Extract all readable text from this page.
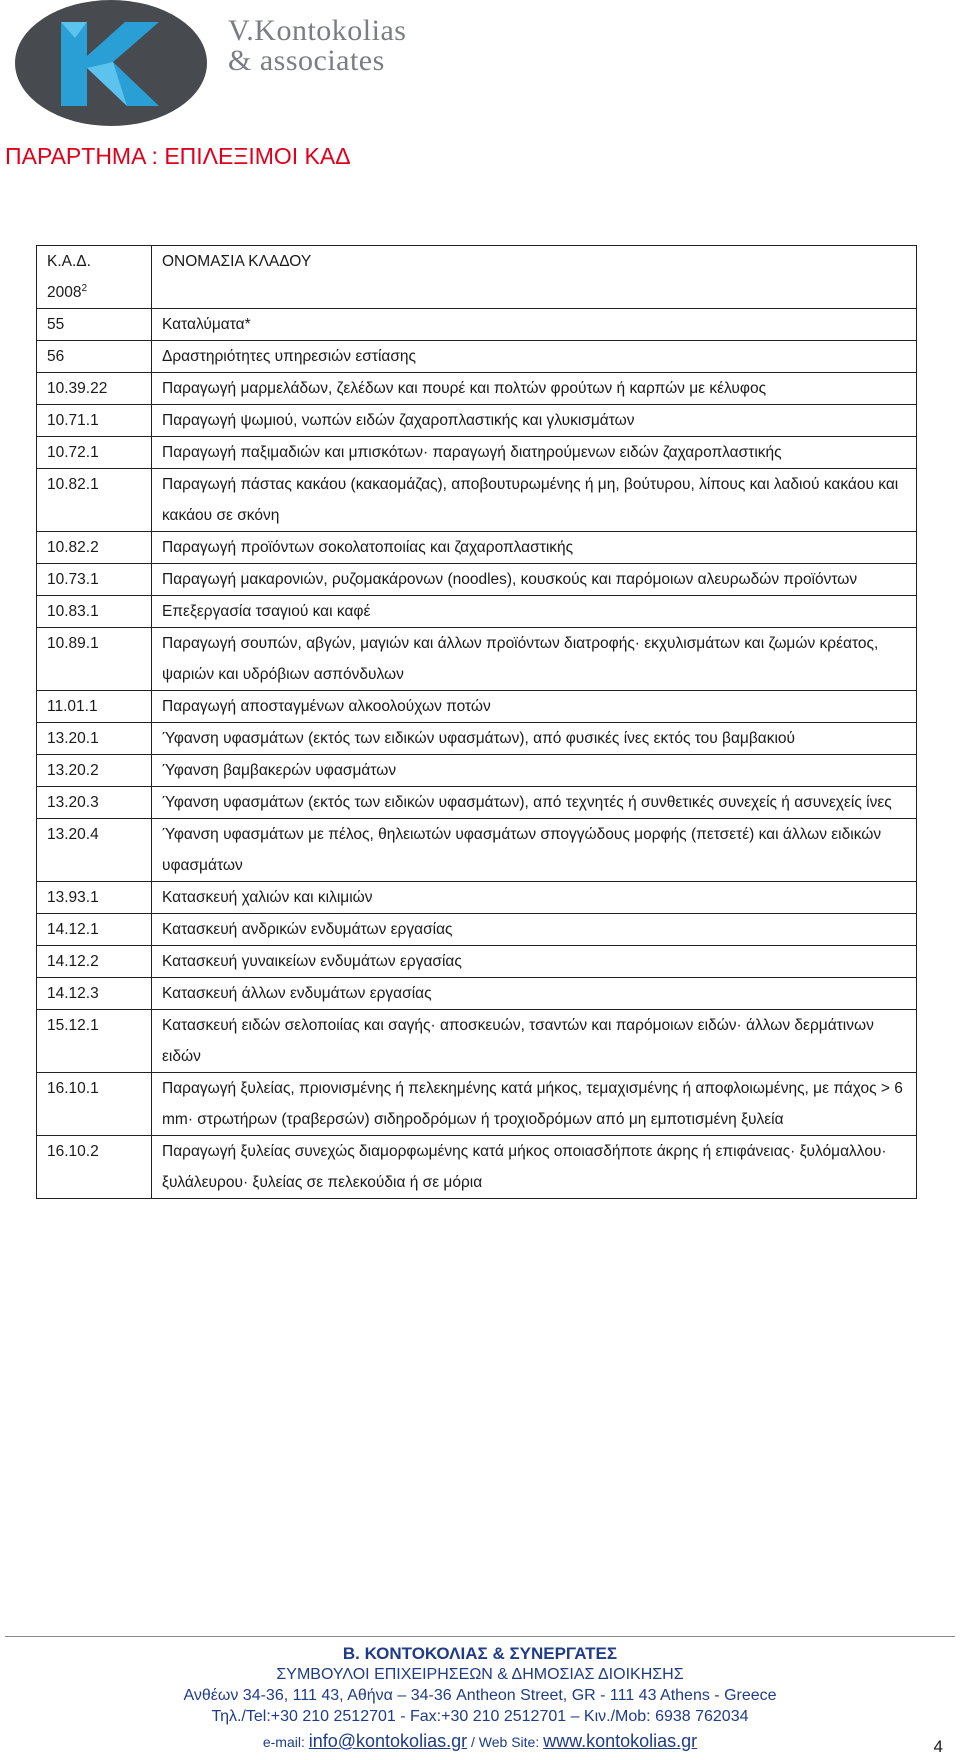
V.Kontokolias
& associates
ΠΑΡΑΡΤΗΜΑ : ΕΠΙΛΕΞΙΜΟΙ ΚΑΔ
Κ.Α.Δ.
2008$^2$	ΟΝΟΜΑΣΙΑ ΚΛΑΔΟΥ
55	Καταλύματα*
56	Δραστηριότητες υπηρεσιών εστίασης
10.39.22	Παραγωγή μαρμελάδων, ζελέδων και πουρέ και πολτών φρούτων ή καρπών με κέλυφος
10.71.1	Παραγωγή ψωμιού, νωπών ειδών ζαχαροπλαστικής και γλυκισμάτων
10.72.1	Παραγωγή παξιμαδιών και μπισκότων· παραγωγή διατηρούμενων ειδών ζαχαροπλαστικής
10.82.1	Παραγωγή πάστας κακάου (κακαομάζας), αποβουτυρωμένης ή μη, βούτυρου, λίπους και λαδιού κακάου και κακάου σε σκόνη
10.82.2	Παραγωγή προϊόντων σοκολατοποιίας και ζαχαροπλαστικής
10.73.1	Παραγωγή μακαρονιών, ρυζομακάρονων (noodles), κουσκούς και παρόμοιων αλευρωδών προϊόντων
10.83.1	Επεξεργασία τσαγιού και καφέ
10.89.1	Παραγωγή σουπών, αβγών, μαγιών και άλλων προϊόντων διατροφής· εκχυλισμάτων και ζωμών κρέατος, ψαριών και υδρόβιων ασπόνδυλων
11.01.1	Παραγωγή αποσταγμένων αλκοολούχων ποτών
13.20.1	Ύφανση υφασμάτων (εκτός των ειδικών υφασμάτων), από φυσικές ίνες εκτός του βαμβακιού
13.20.2	Ύφανση βαμβακερών υφασμάτων
13.20.3	Ύφανση υφασμάτων (εκτός των ειδικών υφασμάτων), από τεχνητές ή συνθετικές συνεχείς ή ασυνεχείς ίνες
13.20.4	Ύφανση υφασμάτων με πέλος, θηλειωτών υφασμάτων σπογγώδους μορφής (πετσετέ) και άλλων ειδικών υφασμάτων
13.93.1	Κατασκευή χαλιών και κιλιμιών
14.12.1	Κατασκευή ανδρικών ενδυμάτων εργασίας
14.12.2	Κατασκευή γυναικείων ενδυμάτων εργασίας
14.12.3	Κατασκευή άλλων ενδυμάτων εργασίας
15.12.1	Κατασκευή ειδών σελοποιίας και σαγής· αποσκευών, τσαντών και παρόμοιων ειδών· άλλων δερμάτινων ειδών
16.10.1	Παραγωγή ξυλείας, πριονισμένης ή πελεκημένης κατά μήκος, τεμαχισμένης ή αποφλοιωμένης, με πάχος > 6 mm· στρωτήρων (τραβερσών) σιδηροδρόμων ή τροχιοδρόμων από μη εμποτισμένη ξυλεία
16.10.2	Παραγωγή ξυλείας συνεχώς διαμορφωμένης κατά μήκος οποιασδήποτε άκρης ή επιφάνειας· ξυλόμαλλου· ξυλάλευρου· ξυλείας σε πελεκούδια ή σε μόρια
Β. ΚΟΝΤΟΚΟΛΙΑΣ & ΣΥΝΕΡΓΑΤΕΣ
ΣΥΜΒΟΥΛΟΙ ΕΠΙΧΕΙΡΗΣΕΩΝ & ΔΗΜΟΣΙΑΣ ΔΙΟΙΚΗΣΗΣ
Ανθέων 34-36, 111 43, Αθήνα – 34-36 Antheon Street, GR - 111 43 Athens - Greece
Τηλ./Tel:+30 210 2512701 - Fax:+30 210 2512701 – Κιν./Mob: 6938 762034
e-mail: info@kontokolias.gr / Web Site: www.kontokolias.gr	4
